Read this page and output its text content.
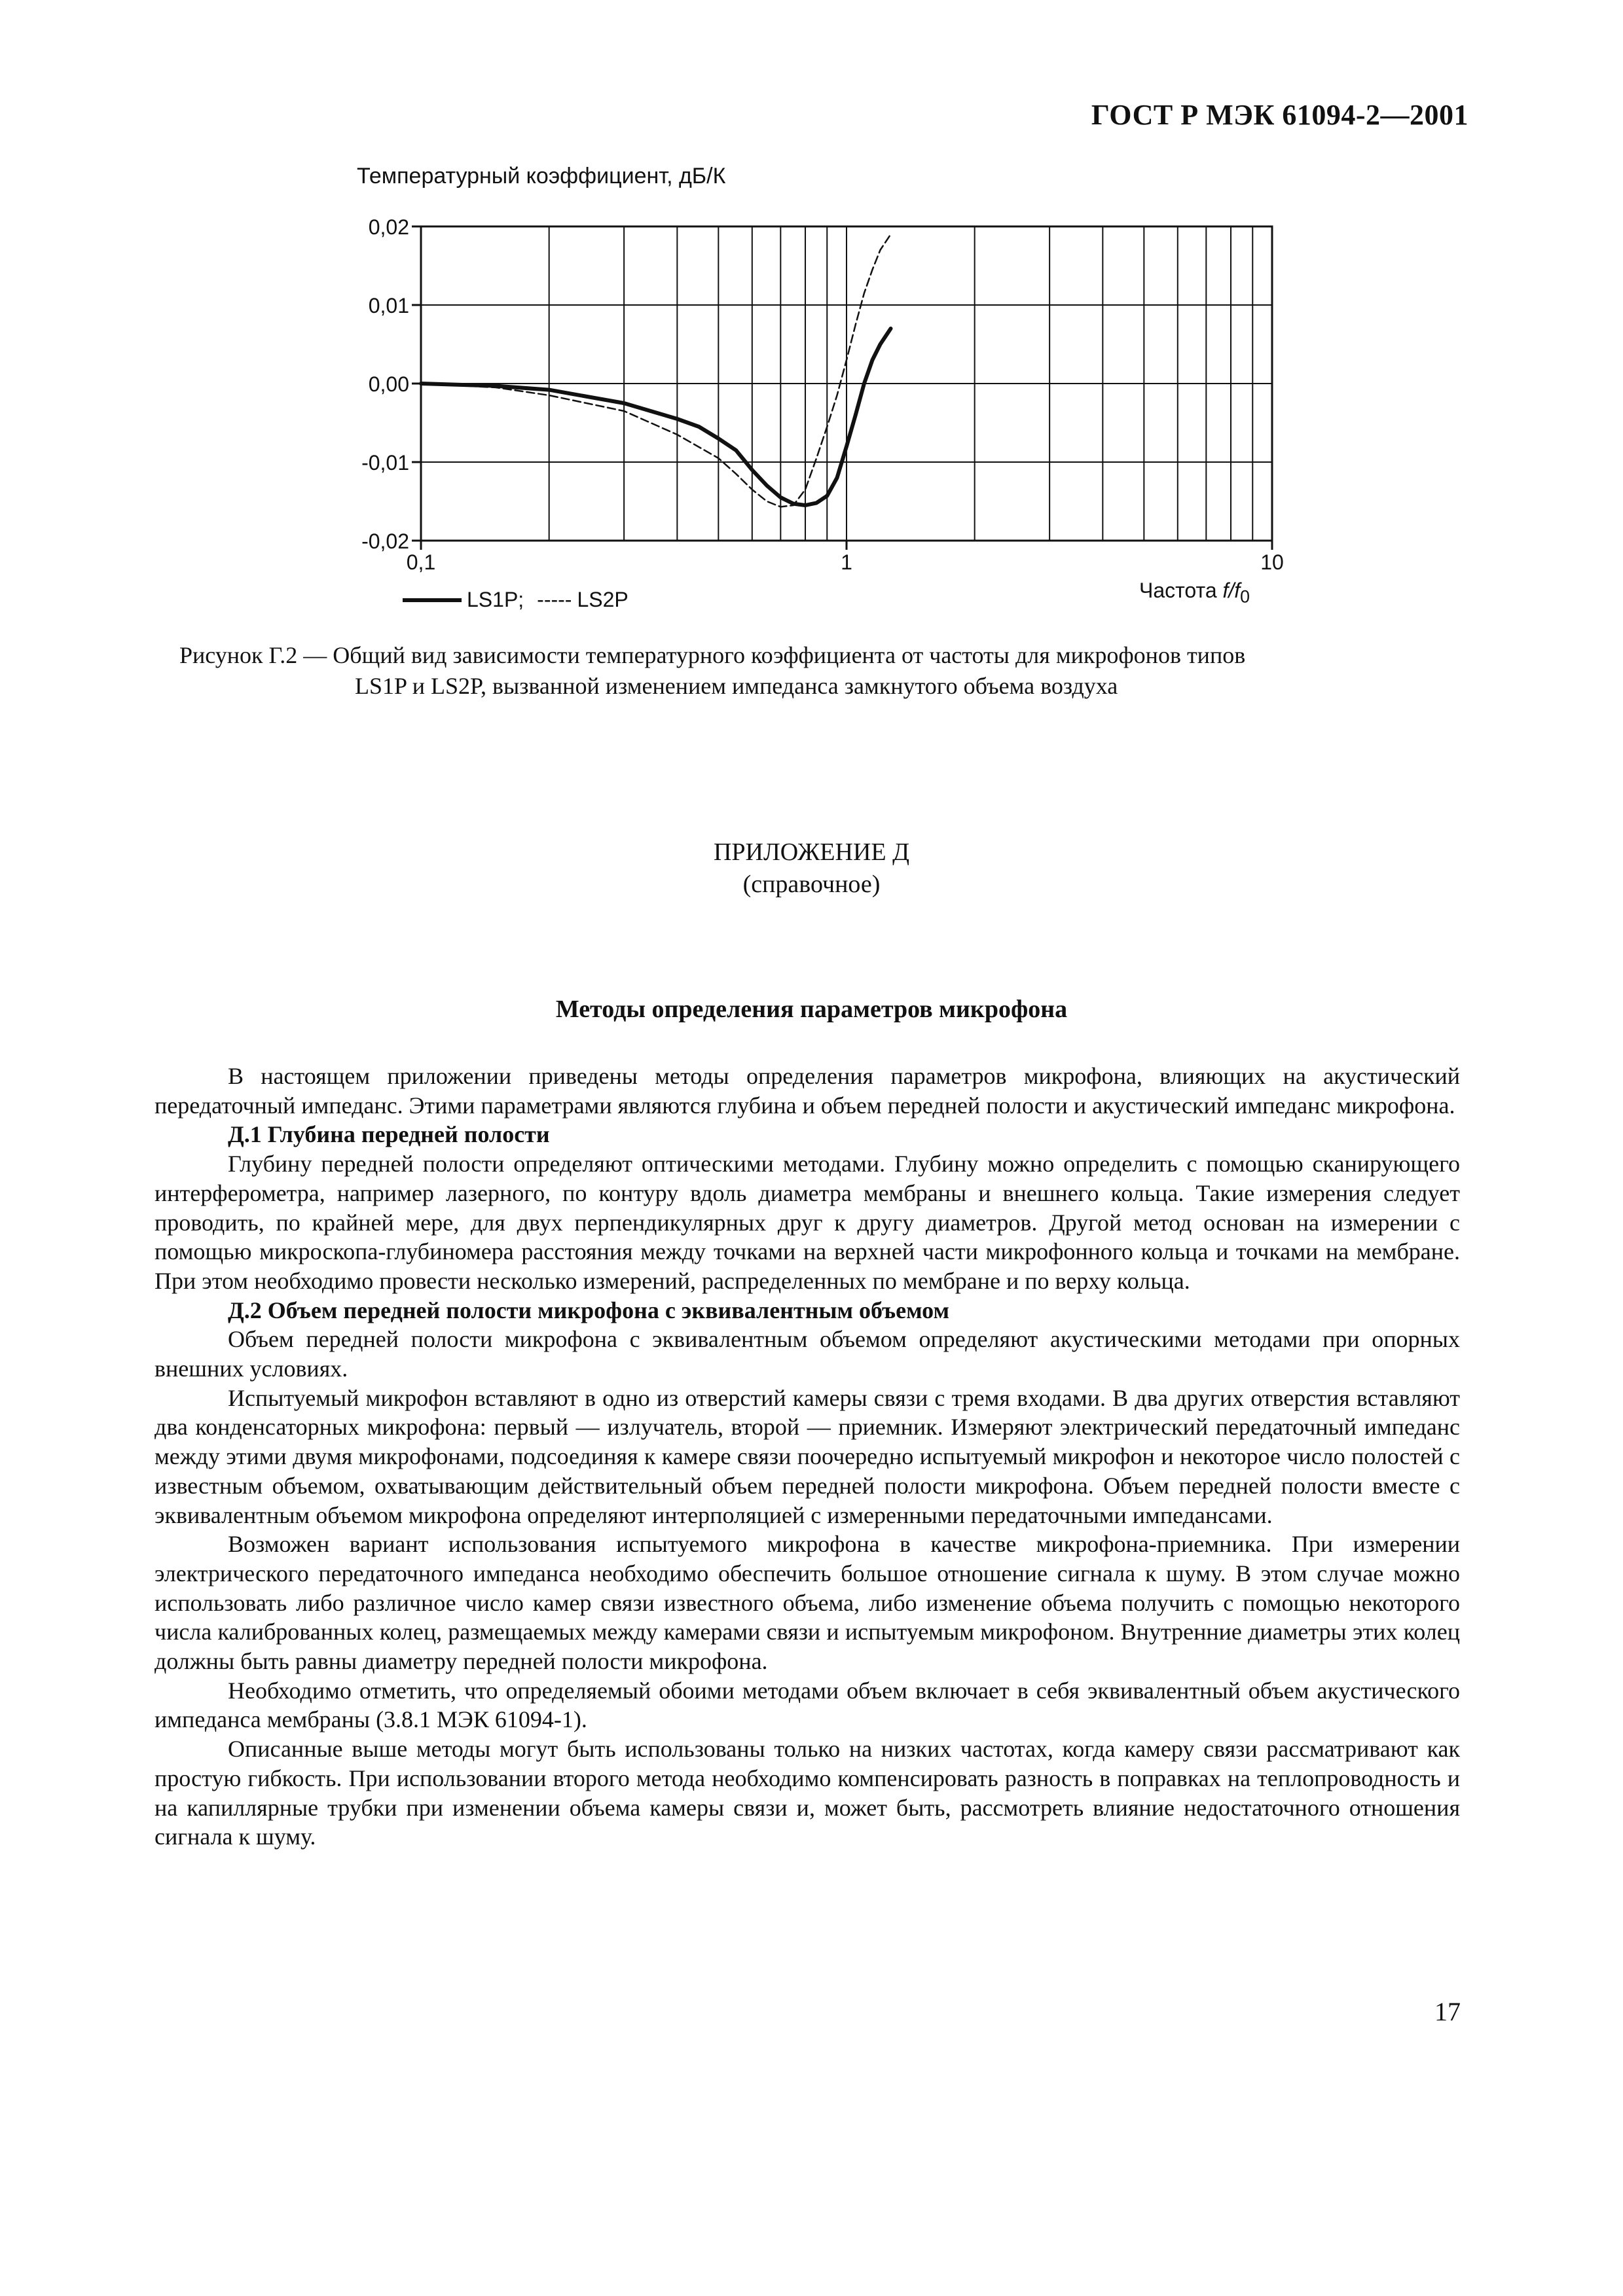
ГОСТ Р МЭК 61094-2—2001
Температурный коэффициент, дБ/К
0,02
0,01
0,00
-0,01
-0,02
0,1	1	10
LS1P; ----- LS2P	Частота $f/f_0$
Рисунок Г.2 — Общий вид зависимости температурного коэффициента от частоты для микрофонов типов
LS1P и LS2P, вызванной изменением импеданса замкнутого объема воздуха
ПРИЛОЖЕНИЕ Д
(справочное)
Методы определения параметров микрофона

В настоящем приложении приведены методы определения параметров микрофона, влияющих на акустический передаточный импеданс. Этими параметрами являются глубина и объем передней полости и акустический импеданс микрофона.

Д.1 Глубина передней полости

Глубину передней полости определяют оптическими методами. Глубину можно определить с помощью сканирующего интерферометра, например лазерного, по контуру вдоль диаметра мембраны и внешнего кольца. Такие измерения следует проводить, по крайней мере, для двух перпендикулярных друг к другу диаметров. Другой метод основан на измерении с помощью микроскопа-глубиномера расстояния между точками на верхней части микрофонного кольца и точками на мембране. При этом необходимо провести несколько измерений, распределенных по мембране и по верху кольца.

Д.2 Объем передней полости микрофона с эквивалентным объемом

Объем передней полости микрофона с эквивалентным объемом определяют акустическими методами при опорных внешних условиях.

Испытуемый микрофон вставляют в одно из отверстий камеры связи с тремя входами. В два других отверстия вставляют два конденсаторных микрофона: первый — излучатель, второй — приемник. Измеряют электрический передаточный импеданс между этими двумя микрофонами, подсоединяя к камере связи поочередно испытуемый микрофон и некоторое число полостей с известным объемом, охватывающим действительный объем передней полости микрофона. Объем передней полости вместе с эквивалентным объемом микрофона определяют интерполяцией с измеренными передаточными импедансами.

Возможен вариант использования испытуемого микрофона в качестве микрофона-приемника. При измерении электрического передаточного импеданса необходимо обеспечить большое отношение сигнала к шуму. В этом случае можно использовать либо различное число камер связи известного объема, либо изменение объема получить с помощью некоторого числа калиброванных колец, размещаемых между камерами связи и испытуемым микрофоном. Внутренние диаметры этих колец должны быть равны диаметру передней полости микрофона.

Необходимо отметить, что определяемый обоими методами объем включает в себя эквивалентный объем акустического импеданса мембраны (3.8.1 МЭК 61094-1).

Описанные выше методы могут быть использованы только на низких частотах, когда камеру связи рассматривают как простую гибкость. При использовании второго метода необходимо компенсировать разность в поправках на теплопроводность и на капиллярные трубки при изменении объема камеры связи и, может быть, рассмотреть влияние недостаточного отношения сигнала к шуму.

17
